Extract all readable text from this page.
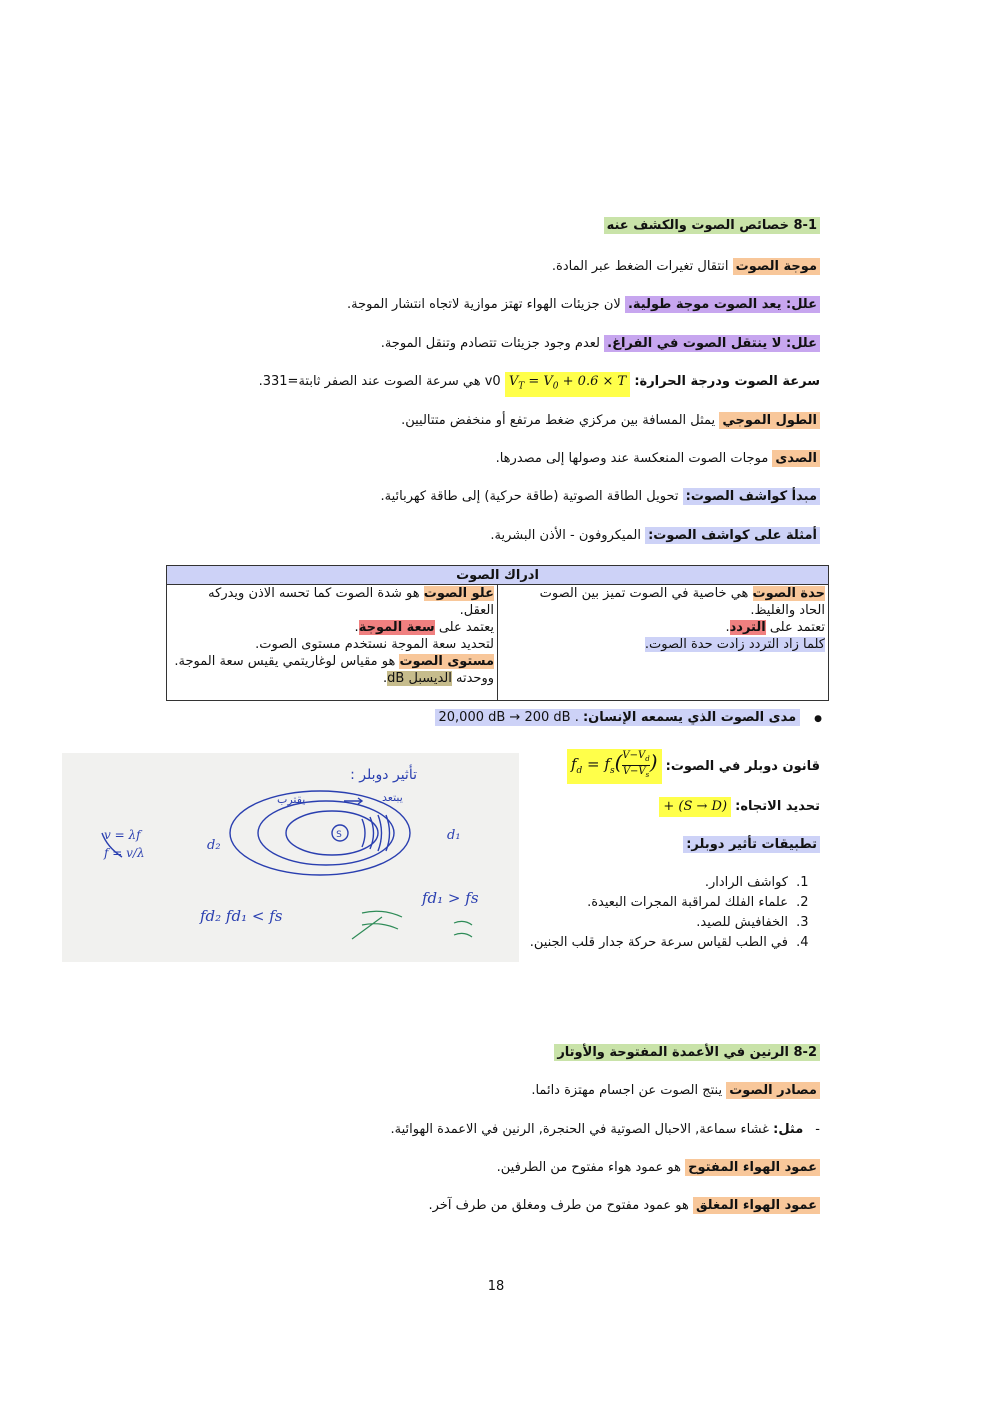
8-1 خصائص الصوت والكشف عنه
موجة الصوت انتقال تغيرات الضغط عبر المادة.
علل: يعد الصوت موجة طولية. لان جزيئات الهواء تهتز موازية لاتجاه انتشار الموجة.
علل: لا ينتقل الصوت في الفراغ. لعدم وجود جزيئات تتصادم وتنقل الموجة.
سرعة الصوت ودرجة الحرارة: $V_T = V_0 + 0.6 \times T$ v0 هي سرعة الصوت عند الصفر ثابتة=331.
الطول الموجي يمثل المسافة بين مركزي ضغط مرتفع أو منخفض متتاليين.
الصدى موجات الصوت المنعكسة عند وصولها إلى مصدرها.
مبدأ كواشف الصوت: تحويل الطاقة الصوتية (طاقة حركية) إلى طاقة كهربائية.
أمثلة على كواشف الصوت: الميكروفون - الأذن البشرية.
ادراك الصوت

حدة الصوت هي خاصية في الصوت تميز بين الصوت
الحاد والغليظ.
تعتمد على التردد.
كلما زاد التردد زادت حدة الصوت.

علو الصوت هو شدة الصوت كما تحسه الاذن ويدركه
العقل.
يعتمد على سعة الموجة.
لتحديد سعة الموجة نستخدم مستوى الصوت.
مستوى الصوت هو مقياس لوغاريتمي يقيس سعة الموجة.
ووحدته الديسبل dB.
●مدى الصوت الذي يسمعه الإنسان: 20,000 dB → 200 dB .
S
تأثير دوبلر :
يقترب	يبتعد
d₂
d₁
fd₁ > fs
fd₂ fd₁ < fs
v = λf
f = v/λ
قانون دوبلر في الصوت: $f_d = f_s( \frac{V-V_d}{V-V_s}$ )
تحديد الاتجاه: + (S → D)
تطبيقات تأثير دوبلر:
1. كواشف الرادار.
2. علماء الفلك لمراقبة المجرات البعيدة.
3. الخفافيش للصيد.
4. في الطب لقياس سرعة حركة جدار قلب الجنين.
8-2 الرنين في الأعمدة المفتوحة والأوتار
مصادر الصوت ينتج الصوت عن اجسام مهتزة دائما.
-مثل: غشاء سماعة, الاحبال الصوتية في الحنجرة, الرنين في الاعمدة الهوائية.
عمود الهواء المفتوح هو عمود هواء مفتوح من الطرفين.
عمود الهواء المغلق هو عمود مفتوح من طرف ومغلق من طرف آخر.
18
